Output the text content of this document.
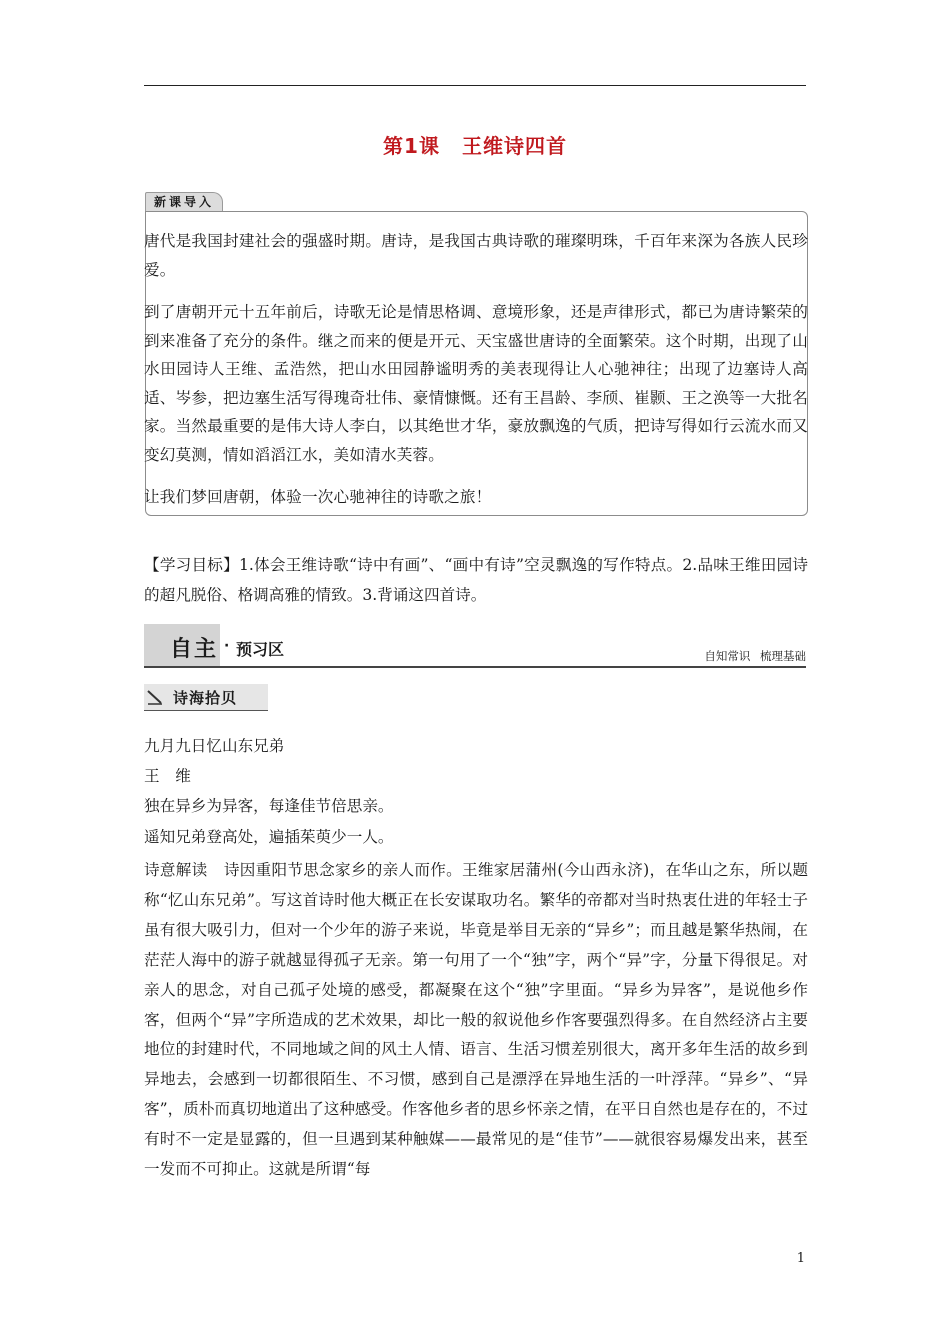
第1课 王维诗四首
新课导入
唐代是我国封建社会的强盛时期。唐诗，是我国古典诗歌的璀璨明珠，千百年来深为各族人民珍爱。
到了唐朝开元十五年前后，诗歌无论是情思格调、意境形象，还是声律形式，都已为唐诗繁荣的到来准备了充分的条件。继之而来的便是开元、天宝盛世唐诗的全面繁荣。这个时期，出现了山水田园诗人王维、孟浩然，把山水田园静谧明秀的美表现得让人心驰神往；出现了边塞诗人高适、岑参，把边塞生活写得瑰奇壮伟、豪情慷慨。还有王昌龄、李颀、崔颢、王之涣等一大批名家。当然最重要的是伟大诗人李白，以其绝世才华，豪放飘逸的气质，把诗写得如行云流水而又变幻莫测，情如滔滔江水，美如清水芙蓉。
让我们梦回唐朝，体验一次心驰神往的诗歌之旅！
【学习目标】1.体会王维诗歌“诗中有画”、“画中有诗”空灵飘逸的写作特点。2.品味王维田园诗的超凡脱俗、格调高雅的情致。3.背诵这四首诗。
自主 · 预习区	自知常识 梳理基础
诗海拾贝
九月九日忆山东兄弟
王　维
独在异乡为异客，每逢佳节倍思亲。
遥知兄弟登高处，遍插茱萸少一人。
诗意解读 诗因重阳节思念家乡的亲人而作。王维家居蒲州(今山西永济)，在华山之东，所以题称“忆山东兄弟”。写这首诗时他大概正在长安谋取功名。繁华的帝都对当时热衷仕进的年轻士子虽有很大吸引力，但对一个少年的游子来说，毕竟是举目无亲的“异乡”；而且越是繁华热闹，在茫茫人海中的游子就越显得孤孑无亲。第一句用了一个“独”字，两个“异”字，分量下得很足。对亲人的思念，对自己孤孑处境的感受，都凝聚在这个“独”字里面。“异乡为异客”，是说他乡作客，但两个“异”字所造成的艺术效果，却比一般的叙说他乡作客要强烈得多。在自然经济占主要地位的封建时代，不同地域之间的风土人情、语言、生活习惯差别很大，离开多年生活的故乡到异地去，会感到一切都很陌生、不习惯，感到自己是漂浮在异地生活的一叶浮萍。“异乡”、“异客”，质朴而真切地道出了这种感受。作客他乡者的思乡怀亲之情，在平日自然也是存在的，不过有时不一定是显露的，但一旦遇到某种触媒——最常见的是“佳节”——就很容易爆发出来，甚至一发而不可抑止。这就是所谓“每
1
